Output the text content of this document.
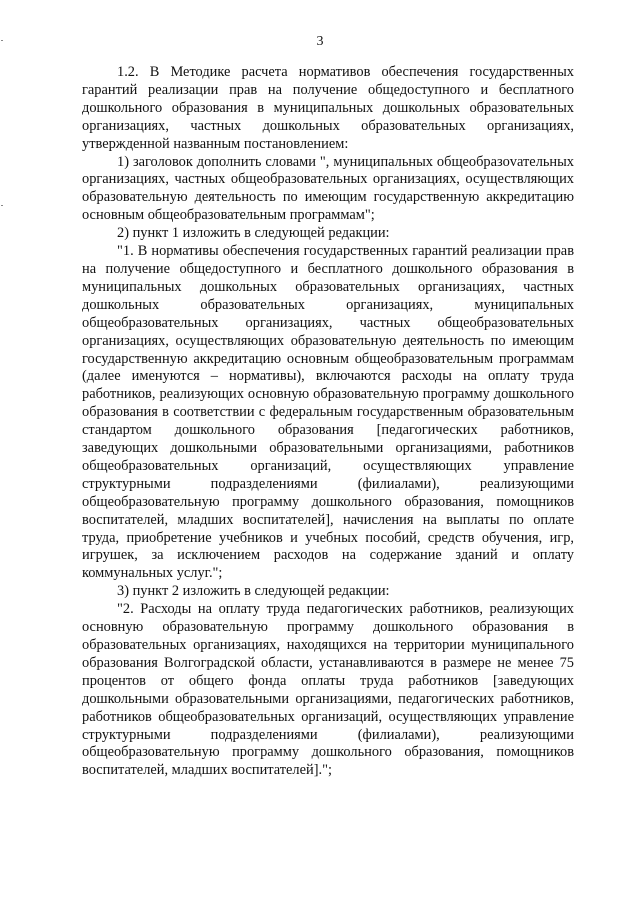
3

1.2. В Методике расчета нормативов обеспечения государственных гарантий реализации прав на получение общедоступного и бесплатного дошкольного образования в муниципальных дошкольных образовательных организациях, частных дошкольных образовательных организациях, утвержденной названным постановлением:

1) заголовок дополнить словами ", муниципальных общеобразоvательных организациях, частных общеобразовательных организациях, осуществляющих образовательную деятельность по имеющим государственную аккредитацию основным общеобразовательным программам";

2) пункт 1 изложить в следующей редакции:

"1. В нормативы обеспечения государственных гарантий реализации прав на получение общедоступного и бесплатного дошкольного образования в муниципальных дошкольных образовательных организациях, частных дошкольных образовательных организациях, муниципальных общеобразовательных организациях, частных общеобразовательных организациях, осуществляющих образовательную деятельность по имеющим государственную аккредитацию основным общеобразовательным программам (далее именуются – нормативы), включаются расходы на оплату труда работников, реализующих основную образовательную программу дошкольного образования в соответствии с федеральным государственным образовательным стандартом дошкольного образования [педагогических работников, заведующих дошкольными образовательными организациями, работников общеобразовательных организаций, осуществляющих управление структурными подразделениями (филиалами), реализующими общеобразовательную программу дошкольного образования, помощников воспитателей, младших воспитателей], начисления на выплаты по оплате труда, приобретение учебников и учебных пособий, средств обучения, игр, игрушек, за исключением расходов на содержание зданий и оплату коммунальных услуг.";

3) пункт 2 изложить в следующей редакции:

"2. Расходы на оплату труда педагогических работников, реализующих основную образовательную программу дошкольного образования в образовательных организациях, находящихся на территории муниципального образования Волгоградской области, устанавливаются в размере не менее 75 процентов от общего фонда оплаты труда работников [заведующих дошкольными образовательными организациями, педагогических работников, работников общеобразовательных организаций, осуществляющих управление структурными подразделениями (филиалами), реализующими общеобразовательную программу дошкольного образования, помощников воспитателей, младших воспитателей].";
